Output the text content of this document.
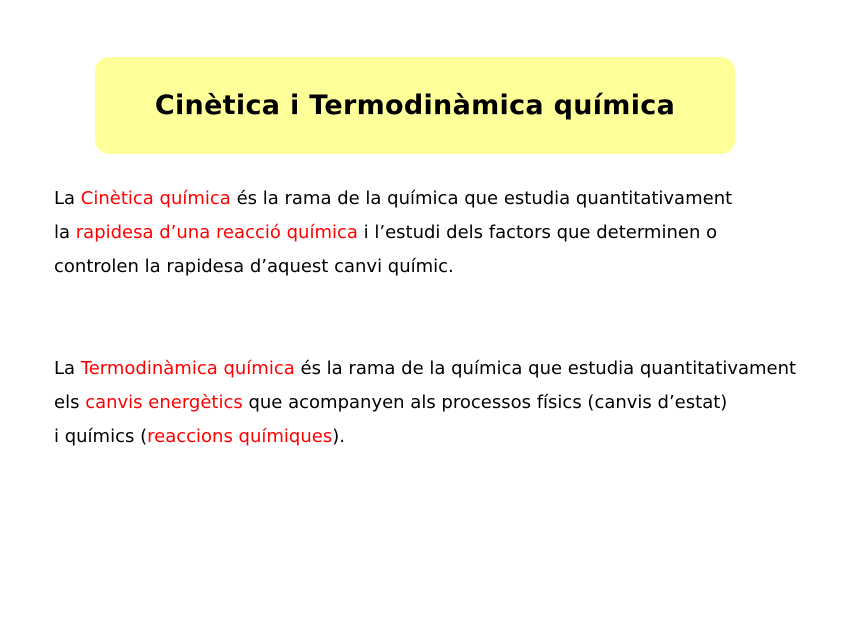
Cinètica i Termodinàmica química
La Cinètica química és la rama de la química que estudia quantitativament
la rapidesa d’una reacció química i l’estudi dels factors que determinen o
controlen la rapidesa d’aquest canvi químic.
La Termodinàmica química és la rama de la química que estudia quantitativament
els canvis energètics que acompanyen als processos físics (canvis d’estat)
i químics (reaccions químiques).
